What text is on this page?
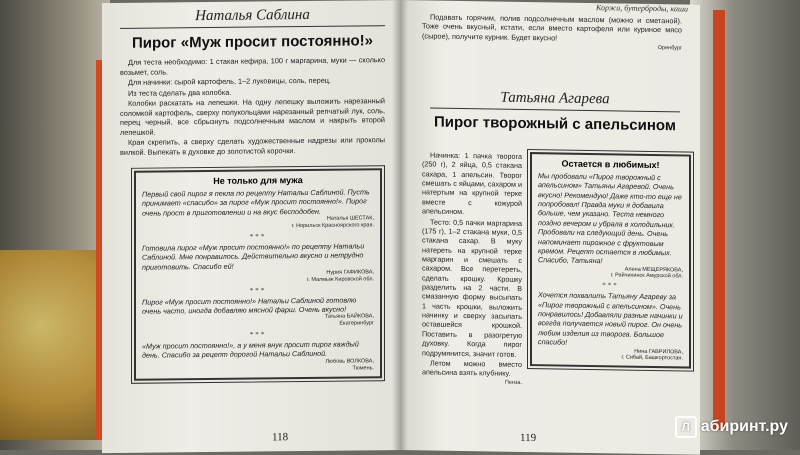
Наталья Саблина
Пирог «Муж просит постоянно!»

Для теста необходимо: 1 стакан кефира, 100 г маргарина, муки — сколько возьмет, соль.

Для начинки: сырой картофель, 1–2 луковицы, соль, перец.

Из теста сделать два колобка.

Колобки раскатать на лепешки. На одну лепешку выложить нарезанный соломкой картофель, сверху полукольцами нарезанный репчатый лук, соль, перец черный, все сбрызнуть подсолнечным маслом и накрыть второй лепешкой.

Края скрепить, а сверху сделать художественные надрезы или проколы вилкой. Выпекать в духовке до золотистой корочки.

Не только для мужа
Первый свой пирог я пекла по рецепту Натальи Саблиной. Пусть принимает «спасибо» за пирог «Муж просит постоянно!». Пирог очень прост в приготовлении и на вкус бесподобен.
Наталья ШЕСТАК,
г. Норильск Красноярского края.
***
Готовила пирог «Муж просит постоянно!» по рецепту Натальи Саблиной. Мне понравилось. Действительно вкусно и нетрудно приготовить. Спасибо ей!
Нурия ГАФИКОВА,
г. Малмыж Кировской обл.
***
Пирог «Муж просит постоянно!» Натальи Саблиной готовлю очень часто, иногда добавляю мясной фарш. Очень вкусно!
Татьяна БАЙКОВА,
Екатеринбург
***
«Муж просит постоянно!», а у меня внук просит пирог каждый день. Спасибо за рецепт дорогой Натальи Саблиной.
Любовь ВОЛКОВА,
Тюмень.
118
Коржи, бутерброды, каши

Подавать горячим, полив подсолнечным маслом (можно и сметаной). Тоже очень вкусный, кстати, если вместо картофеля или куриное мясо (сырое), получите курник. Будет вкусно!

Оренбург
Татьяна Агарева
Пирог творожный с апельсином

Начинка: 1 пачка творога (250 г), 2 яйца, 0,5 стакана сахара, 1 апельсин. Творог смешать с яйцами, сахаром и натертым на крупной терке вместе с кожурой апельсином.

Тесто: 0,5 пачки маргарина (175 г), 1–2 стакана муки, 0,5 стакана сахар. В муку натереть на крупной терке маргарин и смешать с сахаром. Все перетереть, сделать крошку. Крошку разделить на 2 части. В смазанную форму высыпать 1 часть крошки, выложить начинку и сверху засыпать оставшейся крошкой. Поставить в разогретую духовку. Когда пирог подрумянится, значит готов.

Летом можно вместо апельсина взять клубнику.

Пенза.
Остается в любимых!
Мы пробовали «Пирог творожный с апельсином» Татьяны Агаревой. Очень вкусно! Рекомендую! Даже кто-то еще не попробовал! Правда муки я добавила больше, чем указано. Теста немного поздно вечером и убрала в холодильник. Пробовали на следующий день. Очень напоминает пирожное с фруктовым кремом. Рецепт остается в любимых. Спасибо, Татьяна!
Алена МЕЩЕРЯКОВА,
г. Райчихинск Амурской обл.
***
Хочется похвалить Татьяну Агареву за «Пирог творожный с апельсином». Очень понравилось! Добавляли разные начинки и всегда получается новый пирог. Он очень любим изделия из творога. Большое спасибо!
Нина ГАВРИЛОВА,
г. Сибай, Башкортостан.
119
Л абиринт.ру
